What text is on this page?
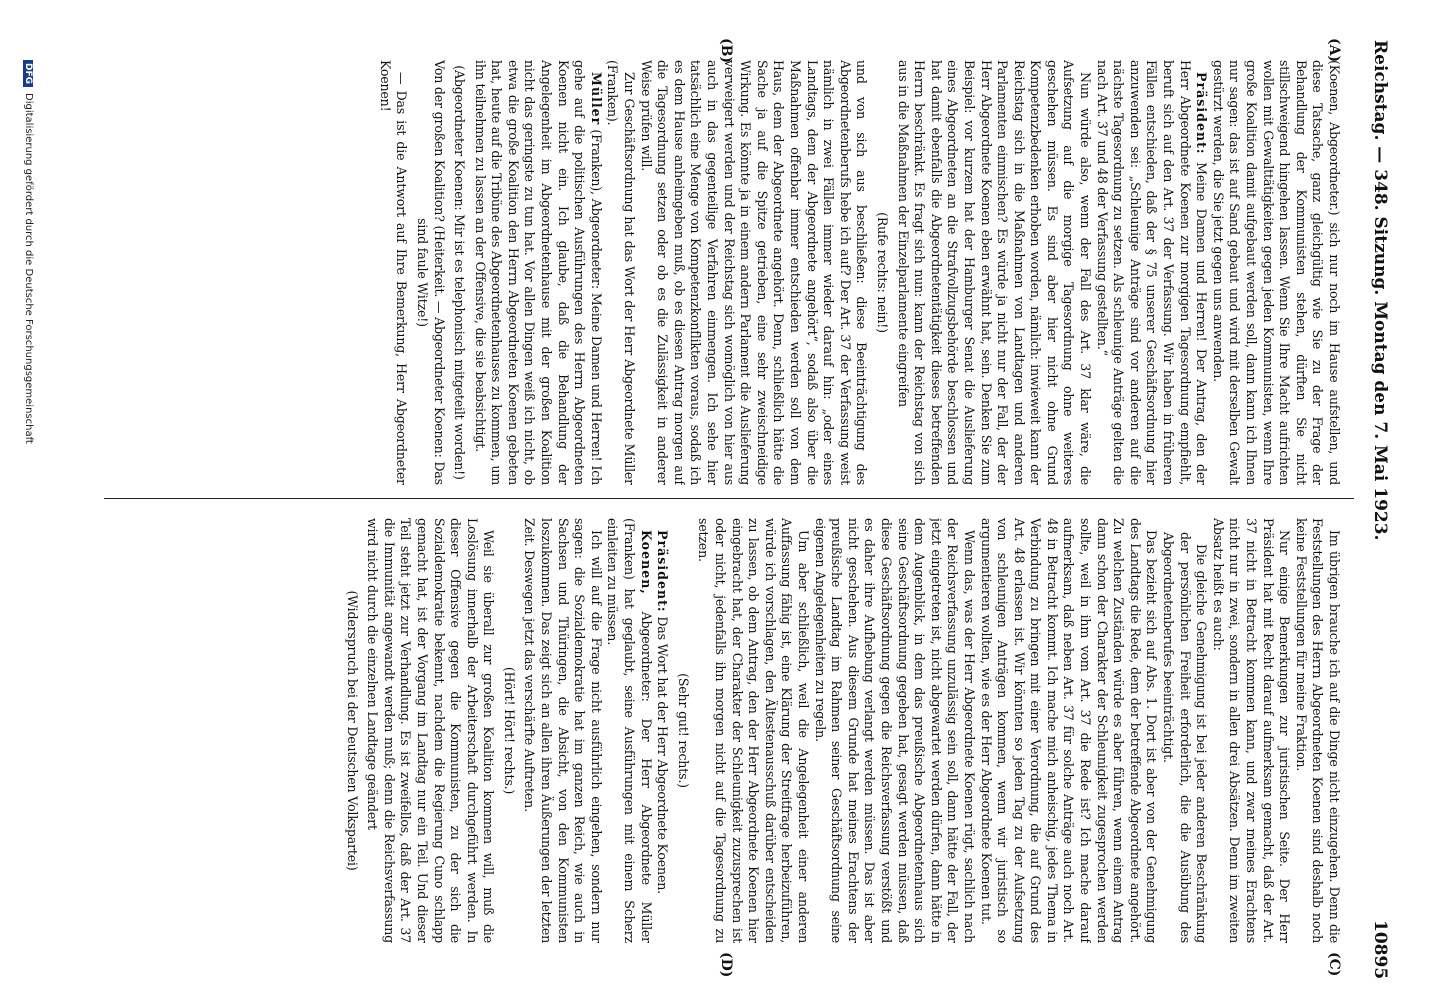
Reichstag. — 348. Sitzung. Montag den 7. Mai 1923.
10895
(A)
(B)
(C)
(D)

(Koenen, Abgeordneter.) sich nur noch im Hause aufstellen, und diese Tatsache, ganz gleichgültig wie Sie zu der Frage der Behandlung der Kommunisten stehen, dürften Sie nicht stillschweigend hingehen lassen. Wenn Sie Ihre Macht aufrichten wollen mit Gewalttätigkeiten gegen jeden Kommunisten, wenn Ihre große Koalition damit aufgebaut werden soll, dann kann ich Ihnen nur sagen: das ist auf Sand gebaut und wird mit derselben Gewalt gestürzt werden, die Sie jetzt gegen uns anwenden.

Präsident: Meine Damen und Herren! Der Antrag, den der Herr Abgeordnete Koenen zur morgigen Tagesordnung empfiehlt, beruft sich auf den Art. 37 der Verfassung. Wir haben in früheren Fällen entschieden, daß der § 75 unserer Geschäftsordnung hier anzuwenden sei: „Schleunige Anträge sind vor anderen auf die nächste Tagesordnung zu setzen. Als schleunige Anträge gelten die nach Art. 37 und 48 der Verfassung gestellten.“

Nun würde also, wenn der Fall des Art. 37 klar wäre, die Aufsetzung auf die morgige Tagesordnung ohne weiteres geschehen müssen. Es sind aber hier nicht ohne Grund Kompetenzbedenken erhoben worden, nämlich: inwieweit kann der Reichstag sich in die Maßnahmen von Landtagen und anderen Parlamenten einmischen? Es würde ja nicht nur der Fall, der der Herr Abgeordnete Koenen eben erwähnt hat, sein. Denken Sie zum Beispiel: vor kurzem hat der Hamburger Senat die Auslieferung eines Abgeordneten an die Strafvollzugsbehörde beschlossen und hat damit ebenfalls die Abgeordnetentätigkeit dieses betreffenden Herrn beschränkt. Es fragt sich nun: kann der Reichstag von sich aus in die Maßnahmen der Einzelparlamente eingreifen

(Rufe rechts: nein!)

und von sich aus beschließen: diese Beeinträchtigung des Abgeordnetenberufs hebe ich auf? Der Art. 37 der Verfassung weist nämlich in zwei Fällen immer wieder darauf hin: „oder eines Landtags, dem der Abgeordnete angehört“, sodaß also über die Maßnahmen offenbar immer entschieden werden soll von dem Haus, dem der Abgeordnete angehört. Denn, schließlich hätte die Sache ja auf die Spitze getrieben, eine sehr zweischneidige Wirkung. Es könnte ja in einem andern Parlament die Auslieferung verweigert werden und der Reichstag sich womöglich von hier aus auch in das gegenteilige Verfahren einmengen. Ich sehe hier tatsächlich eine Menge von Kompetenzkonflikten voraus, sodaß ich es dem Hause anheimgeben muß, ob es diesen Antrag morgen auf die Tagesordnung setzen oder ob es die Zulässigkeit in anderer Weise prüfen will.

Zur Geschäftsordnung hat das Wort der Herr Abgeordnete Müller (Franken).

Müller (Franken), Abgeordneter: Meine Damen und Herren! Ich gehe auf die politischen Ausführungen des Herrn Abgeordneten Koenen nicht ein. Ich glaube, daß die Behandlung der Angelegenheit im Abgeordnetenhause mit der großen Koalition nicht das geringste zu tun hat. Vor allen Dingen weiß ich nicht, ob etwa die große Koalition den Herrn Abgeordneten Koenen gebeten hat, heute auf die Tribüne des Abgeordnetenhauses zu kommen, um ihn teilnehmen zu lassen an der Offensive, die sie beabsichtigt.

(Abgeordneter Koenen: Mir ist es telephonisch mitgeteilt worden!)

Von der großen Koalition? (Heiterkeit. — Abgeordneter Koenen: Das sind faule Witze!)

— Das ist die Antwort auf Ihre Bemerkung, Herr Abgeordneter Koenen!

Im übrigen brauche ich auf die Dinge nicht einzugehen. Denn die Feststellungen des Herrn Abgeordneten Koenen sind deshalb noch keine Feststellungen für meine Fraktion.

Nur einige Bemerkungen zur juristischen Seite. Der Herr Präsident hat mit Recht darauf aufmerksam gemacht, daß der Art. 37 nicht in Betracht kommen kann, und zwar meines Erachtens nicht nur in zwei, sondern in allen drei Absätzen. Denn im zweiten Absatz heißt es auch:

Die gleiche Genehmigung ist bei jeder anderen Beschränkung der persönlichen Freiheit erforderlich, die die Ausübung des Abgeordnetenberufes beeinträchtigt.

Das bezieht sich auf Abs. 1. Dort ist aber von der Genehmigung des Landtags die Rede, dem der betreffende Abgeordnete angehört. Zu welchen Zuständen würde es aber führen, wenn einem Antrag dann schon der Charakter der Schleunigkeit zugesprochen werden sollte, weil in ihm vom Art. 37 die Rede ist? Ich mache darauf aufmerksam, daß neben Art. 37 für solche Anträge auch noch Art. 48 in Betracht kommt. Ich mache mich anheischig, jedes Thema in Verbindung zu bringen mit einer Verordnung, die auf Grund des Art. 48 erlassen ist. Wir könnten so jeden Tag zu der Aufsetzung von schleunigen Anträgen kommen, wenn wir juristisch so argumentieren wollten, wie es der Herr Abgeordnete Koenen tut.

Wenn das, was der Herr Abgeordnete Koenen rügt, sachlich nach der Reichsverfassung unzulässig sein soll, dann hätte der Fall, der jetzt eingetreten ist, nicht abgewartet werden dürfen, dann hätte in dem Augenblick, in dem das preußische Abgeordnetenhaus sich seine Geschäftsordnung gegeben hat, gesagt werden müssen, daß diese Geschäftsordnung gegen die Reichsverfassung verstößt und es daher ihre Aufhebung verlangt werden müssen. Das ist aber nicht geschehen. Aus diesem Grunde hat meines Erachtens der preußische Landtag im Rahmen seiner Geschäftsordnung seine eigenen Angelegenheiten zu regeln.

Um aber schließlich, weil die Angelegenheit einer anderen Auffassung fähig ist, eine Klärung der Streitfrage herbeizuführen, würde ich vorschlagen, den Ältestenausschuß darüber entscheiden zu lassen, ob dem Antrag, den der Herr Abgeordnete Koenen hier eingebracht hat, der Charakter der Schleunigkeit zuzusprechen ist oder nicht, jedenfalls ihn morgen nicht auf die Tagesordnung zu setzen.

(Sehr gut! rechts.)

Präsident: Das Wort hat der Herr Abgeordnete Koenen.

Koenen, Abgeordneter: Der Herr Abgeordnete Müller (Franken) hat geglaubt, seine Ausführungen mit einem Scherz einleiten zu müssen.

Ich will auf die Frage nicht ausführlich eingehen, sondern nur sagen: die Sozialdemokratie hat im ganzen Reich, wie auch in Sachsen und Thüringen, die Absicht, von den Kommunisten loszukommen. Das zeigt sich an allen ihren Äußerungen der letzten Zeit. Deswegen jetzt das verschärfte Auftreten.

(Hört! Hört! rechts.)

Weil sie überall zur großen Koalition kommen will, muß die Loslösung innerhalb der Arbeiterschaft durchgeführt werden. In dieser Offensive gegen die Kommunisten, zu der sich die Sozialdemokratie bekennt, nachdem die Regierung Cuno schlapp gemacht hat, ist der Vorgang im Landtag nur ein Teil. Und dieser Teil steht jetzt zur Verhandlung. Es ist zweifellos, daß der Art. 37 die Immunität angewandt werden muß; denn die Reichsverfassung wird nicht durch die einzelnen Landtage geändert

(Widerspruch bei der Deutschen Volkspartei)

DFGDigitalisierung gefördert durch die Deutsche Forschungsgemeinschaft
